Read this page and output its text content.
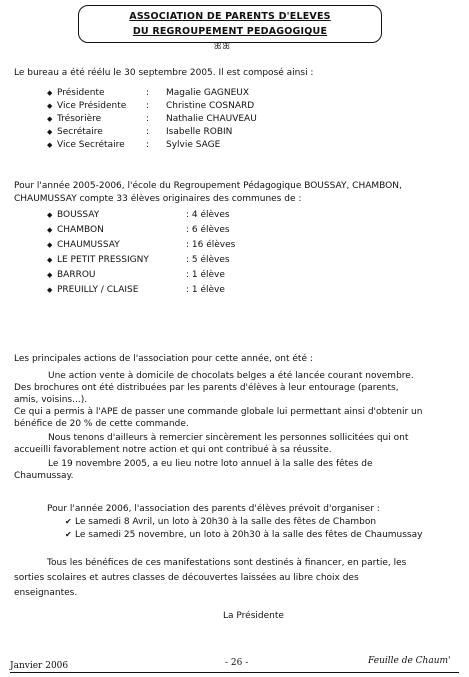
ASSOCIATION DE PARENTS D'ELEVES
DU REGROUPEMENT PEDAGOGIQUE
ꕤꕤ
Le bureau a été réélu le 30 septembre 2005. Il est composé ainsi :
◆ Présidente	: Magalie GAGNEUX
◆ Vice Présidente : Christine COSNARD
◆ Trésorière	: Nathalie CHAUVEAU
◆ Secrétaire	: Isabelle ROBIN
◆ Vice Secrétaire : Sylvie SAGE
Pour l'année 2005-2006, l'école du Regroupement Pédagogique BOUSSAY, CHAMBON,
CHAUMUSSAY compte 33 élèves originaires des communes de :
◆ BOUSSAY	: 4 élèves
◆ CHAMBON	: 6 élèves
◆ CHAUMUSSAY	: 16 élèves
◆ LE PETIT PRESSIGNY	: 5 élèves
◆ BARROU	: 1 élève
◆ PREUILLY / CLAISE	: 1 élève
Les principales actions de l'association pour cette année, ont été :
Une action vente à domicile de chocolats belges a été lancée courant novembre.
Des brochures ont été distribuées par les parents d'élèves à leur entourage (parents,
amis, voisins...).
Ce qui a permis à l'APE de passer une commande globale lui permettant ainsi d'obtenir un
bénéfice de 20 % de cette commande.
Nous tenons d'ailleurs à remercier sincèrement les personnes sollicitées qui ont
accueilli favorablement notre action et qui ont contribué à sa réussite.
Le 19 novembre 2005, a eu lieu notre loto annuel à la salle des fêtes de
Chaumussay.
Pour l'année 2006, l'association des parents d'élèves prévoit d'organiser :
✔ Le samedi 8 Avril, un loto à 20h30 à la salle des fêtes de Chambon
✔ Le samedi 25 novembre, un loto à 20h30 à la salle des fêtes de Chaumussay
Tous les bénéfices de ces manifestations sont destinés à financer, en partie, les
sorties scolaires et autres classes de découvertes laissées au libre choix des
enseignantes.
La Présidente
Janvier 2006	- 26 -	Feuille de Chaum'
